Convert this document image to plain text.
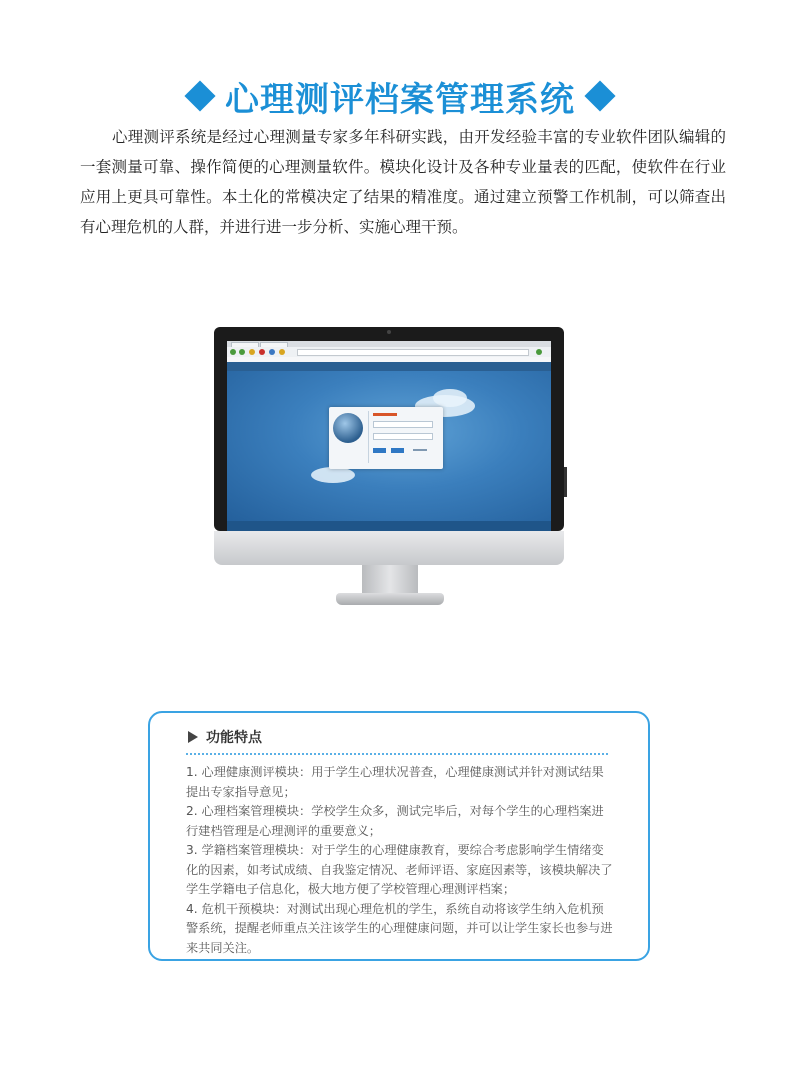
心理测评档案管理系统
心理测评系统是经过心理测量专家多年科研实践，由开发经验丰富的专业软件团队编辑的一套测量可靠、操作简便的心理测量软件。模块化设计及各种专业量表的匹配，使软件在行业应用上更具可靠性。本土化的常模决定了结果的精准度。通过建立预警工作机制，可以筛查出有心理危机的人群，并进行进一步分析、实施心理干预。
功能特点

1. 心理健康测评模块：用于学生心理状况普查，心理健康测试并针对测试结果提出专家指导意见；

2. 心理档案管理模块：学校学生众多，测试完毕后，对每个学生的心理档案进行建档管理是心理测评的重要意义；

3. 学籍档案管理模块：对于学生的心理健康教育，要综合考虑影响学生情绪变化的因素，如考试成绩、自我鉴定情况、老师评语、家庭因素等，该模块解决了学生学籍电子信息化，极大地方便了学校管理心理测评档案；

4. 危机干预模块：对测试出现心理危机的学生，系统自动将该学生纳入危机预警系统，提醒老师重点关注该学生的心理健康问题，并可以让学生家长也参与进来共同关注。
